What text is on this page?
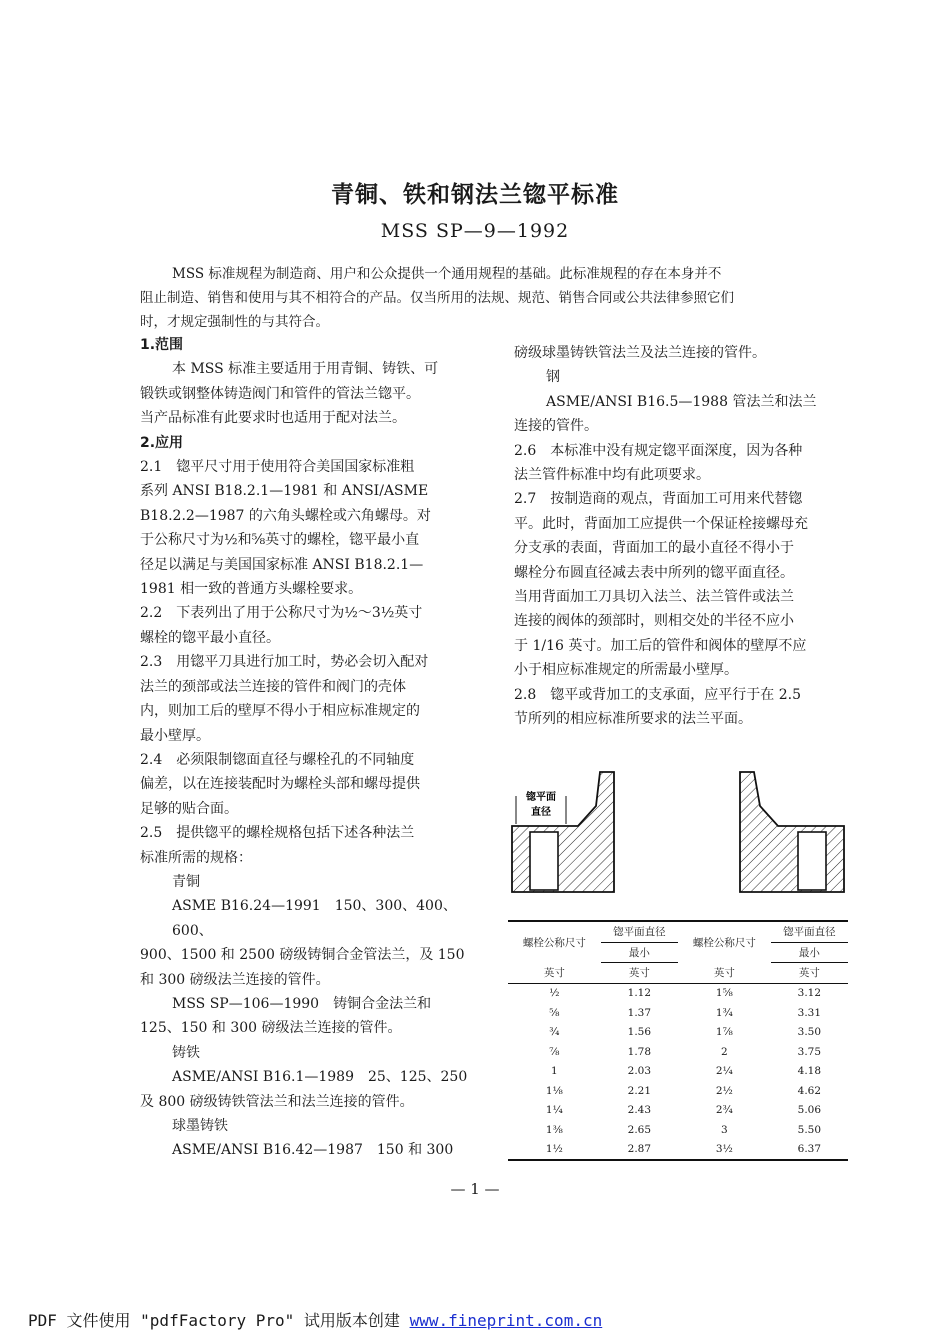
青铜、铁和钢法兰锪平标准
MSS SP—9—1992

MSS 标准规程为制造商、用户和公众提供一个通用规程的基础。此标准规程的存在本身并不

阻止制造、销售和使用与其不相符合的产品。仅当所用的法规、规范、销售合同或公共法律参照它们

时，才规定强制性的与其符合。

1.范围

本 MSS 标准主要适用于用青铜、铸铁、可

锻铁或钢整体铸造阀门和管件的管法兰锪平。

当产品标准有此要求时也适用于配对法兰。

2.应用

2.1　锪平尺寸用于使用符合美国国家标准粗

系列 ANSI B18.2.1—1981 和 ANSI/ASME

B18.2.2—1987 的六角头螺栓或六角螺母。对

于公称尺寸为½和⅝英寸的螺栓，锪平最小直

径足以满足与美国国家标准 ANSI B18.2.1—

1981 相一致的普通方头螺栓要求。

2.2　下表列出了用于公称尺寸为½～3½英寸

螺栓的锪平最小直径。

2.3　用锪平刀具进行加工时，势必会切入配对

法兰的颈部或法兰连接的管件和阀门的壳体

内，则加工后的壁厚不得小于相应标准规定的

最小壁厚。

2.4　必须限制锪面直径与螺栓孔的不同轴度

偏差，以在连接装配时为螺栓头部和螺母提供

足够的贴合面。

2.5　提供锪平的螺栓规格包括下述各种法兰

标准所需的规格：

青铜

ASME B16.24—1991　150、300、400、600、

900、1500 和 2500 磅级铸铜合金管法兰，及 150

和 300 磅级法兰连接的管件。

MSS SP—106—1990　铸铜合金法兰和

125、150 和 300 磅级法兰连接的管件。

铸铁

ASME/ANSI B16.1—1989　25、125、250

及 800 磅级铸铁管法兰和法兰连接的管件。

球墨铸铁

ASME/ANSI B16.42—1987　150 和 300

磅级球墨铸铁管法兰及法兰连接的管件。

钢

ASME/ANSI B16.5—1988 管法兰和法兰

连接的管件。

2.6　本标准中没有规定锪平面深度，因为各种

法兰管件标准中均有此项要求。

2.7　按制造商的观点，背面加工可用来代替锪

平。此时，背面加工应提供一个保证栓接螺母充

分支承的表面，背面加工的最小直径不得小于

螺栓分布圆直径减去表中所列的锪平面直径。

当用背面加工刀具切入法兰、法兰管件或法兰

连接的阀体的颈部时，则相交处的半径不应小

于 1/16 英寸。加工后的管件和阀体的壁厚不应

小于相应标准规定的所需最小壁厚。

2.8　锪平或背加工的支承面，应平行于在 2.5

节所列的相应标准所要求的法兰平面。

锪平面
直径
螺栓公称尺寸	锪平面直径	螺栓公称尺寸	锪平面直径
	最小		最小
英寸	英寸	英寸	英寸
½	1.12	1⅝	3.12
⅝	1.37	1¾	3.31
¾	1.56	1⅞	3.50
⅞	1.78	2	3.75
1	2.03	2¼	4.18
1⅛	2.21	2½	4.62
1¼	2.43	2¾	5.06
1⅜	2.65	3	5.50
1½	2.87	3½	6.37
— 1 —
PDF 文件使用 "pdfFactory Pro" 试用版本创建 www.fineprint.com.cn
